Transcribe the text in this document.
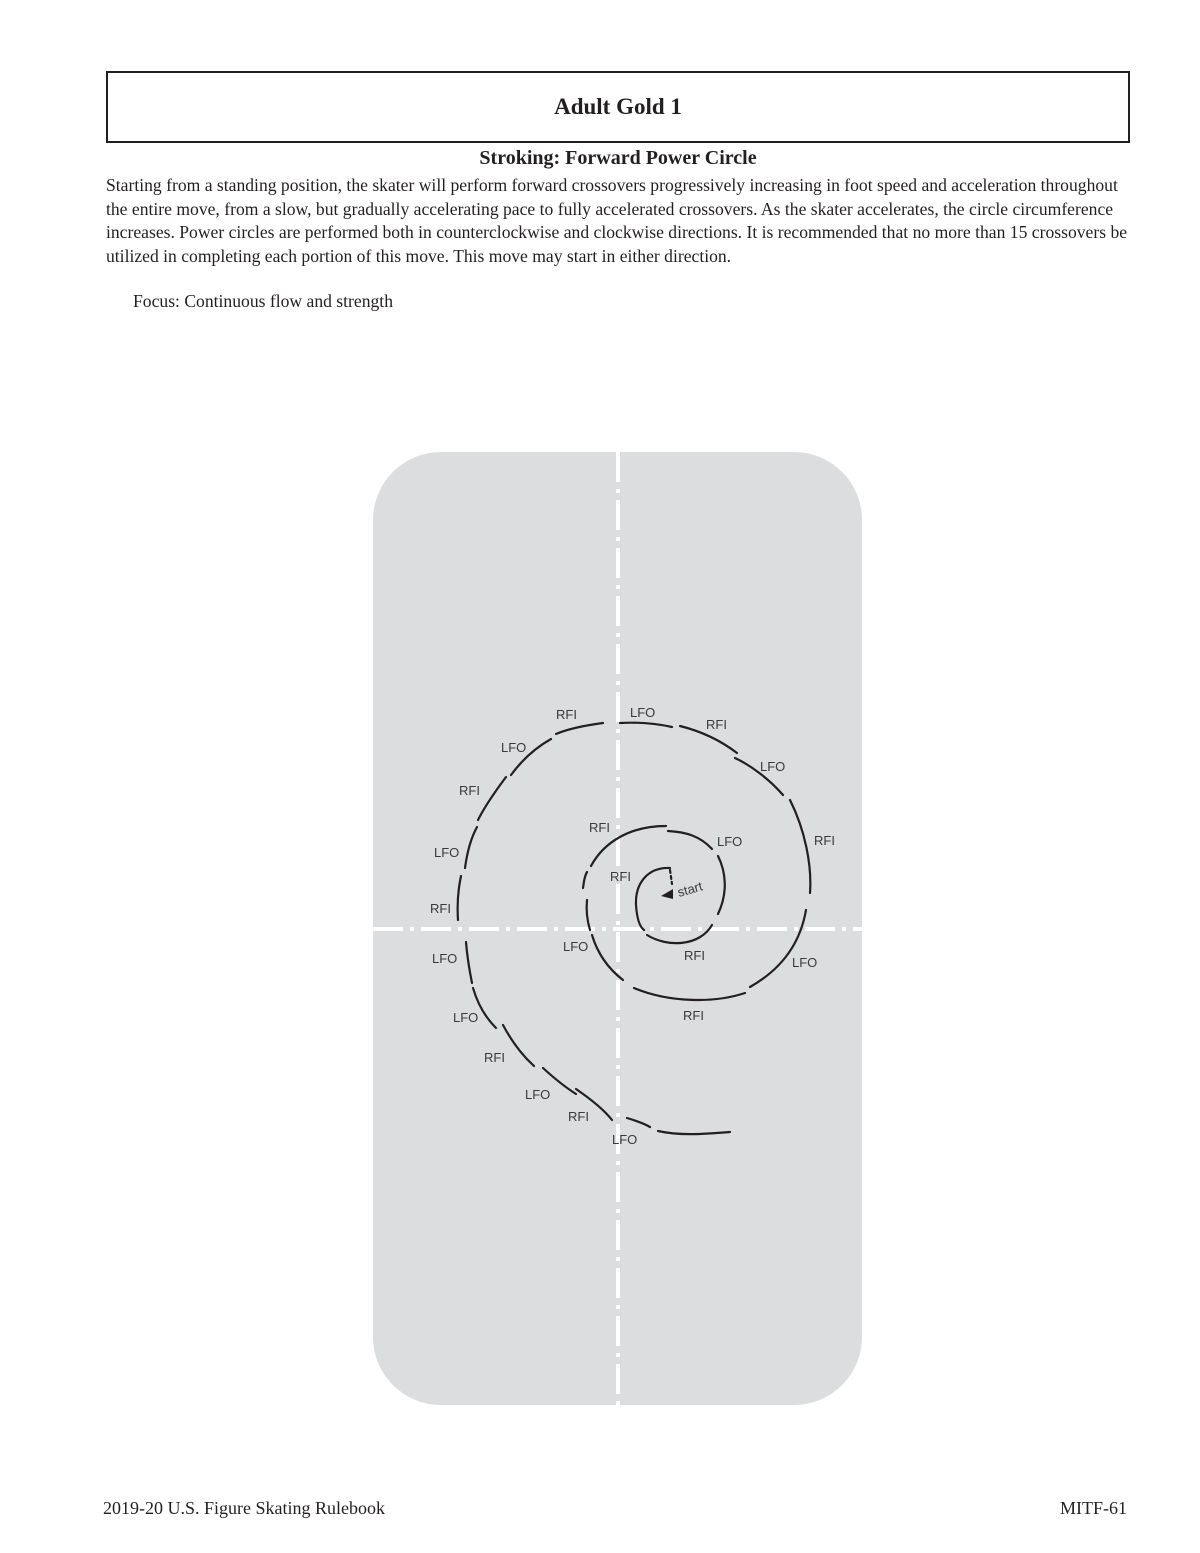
Adult Gold 1
Stroking: Forward Power Circle

Starting from a standing position, the skater will perform forward crossovers progressively increasing in foot speed and acceleration throughout the entire move, from a slow, but gradually accelerating pace to fully accelerated crossovers. As the skater accelerates, the circle circumference increases. Power circles are performed both in counterclockwise and clockwise directions. It is recommended that no more than 15 crossovers be utilized in completing each portion of this move. This move may start in either direction.

Focus: Continuous flow and strength

start
RFI	LFO
RFI
LFO
LFO
RFI
RFI
LFO	RFI
LFO
RFI
LFO
RFI
LFO	LFO
RFI
RFI
LFO
RFI
LFO
RFI
LFO
2019-20 U.S. Figure Skating Rulebook	MITF-61
